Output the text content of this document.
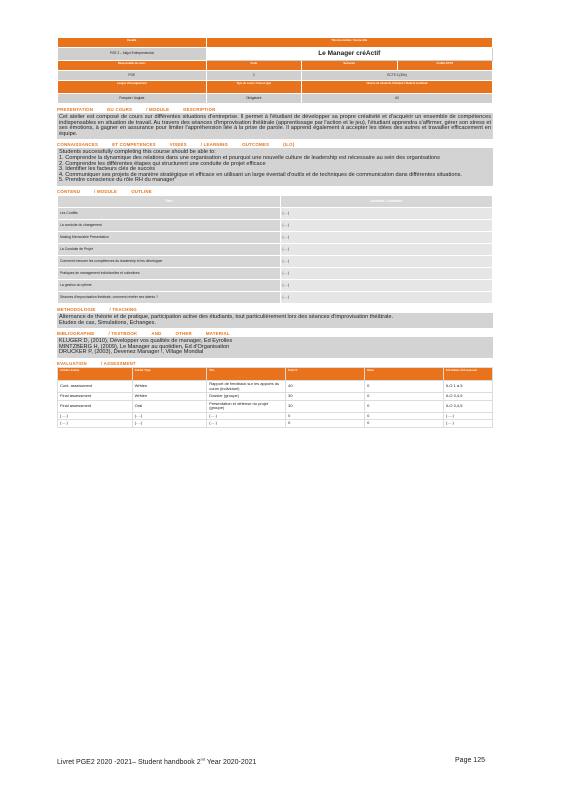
Faculté	Titre du module / Course title		
PGE 2 – Major Entrepreneuriat	Le Manager créActif		
Responsable du cours	Code	Semestre	Crédits ECTS
PGE	2	ECTS 3 (30h)	
Langue d'enseignement	Type de cours / Course type	Heures de travail de l'étudiant / Student workload	
Français / Anglais	Obligatoire	60	
PRESENTATION	DU COURS	/ MODULE	DESCRIPTION
Cet atelier est composé de cours sur différentes situations d'entreprise. Il permet à l'étudiant de développer sa propre créativité et d'acquérir un ensemble de compétences indispensables en situation de travail. Au travers des séances d'improvisation théâtrale (apprentissage par l'action et le jeu), l'étudiant apprendra s'affirmer, gérer son stress et ses émotions, à gagner en assurance pour limiter l'appréhension liée à la prise de parole. Il apprend également à accepter les idées des autres et travailler efficacement en équipe.
CONNAISSANCES	ET COMPETENCES	VISEES	/ LEARNING	OUTCOMES	(ILO)
Students successfully completing this course should be able to:
1. Comprendre la dynamique des relations dans une organisation et pourquoi une nouvelle culture de leadership est nécessaire au sein des organisations
2. Comprendre les différentes étapes qui structurent une conduite de projet efficace
3. Identifier les facteurs clés de succès
4. Communiquer ses projets de manière stratégique et efficace en utilisant un large éventail d'outils et de techniques de communication dans différentes situations.
5. Prendre conscience du rôle RH du manager"
CONTENU	/ MODULE	OUTLINE
Titre	Activités / Activities
Les Conflits	(….)
La conduite du changement	(….)
Making Memorable Presentation	(….)
La Conduite de Projet	(….)
Comment mesurer les compétences du leadership et les développer	(….)
Pratiques de management individuelles et collectives	(….)
La gestion du rythme	(….)
Séances d'improvisation théâtrale, comment révéler ses talents ?	(….)
METHODOLOGIE	/ TEACHING
Alternance de théorie et de pratique, participation active des étudiants, tout particulièrement lors des séances d'improvisation théâtrale.
Etudes de cas, Simulations, Echanges.
BIBLIOGRAPHIE	/ TEXTBOOK	AND	OTHER	MATERIAL
KLUGER D, (2010), Développer vos qualités de manager, Ed Eyrolles
MINTZBERG H, (2009), Le Manager au quotidien, Ed d'Organisation
DRUCKER P, (2003), Devenez Manager !, Village Mondial
EVALUATION	/ ASSESSMENT
Activité / Activity	Activité / Type	Titre	Poids %	Durée	ILO évalués / ILO assessed
Cont. assessment	Written	Rapport de feedback sur les apports du cours (individuel)	40	0	ILO 1 à 5
Final assessment	Written	Dossier (groupe)	30	0	ILO 3,4,5
Final assessment	Oral	Présentation et défense du projet (groupe)	30	0	ILO 3,4,5
(….)	(….)	(….)	0	0	(….)
(….)	(….)	(….)	0	0	(….)
Livret PGE2 2020 -2021– Student handbook 2nd Year 2020-2021	Page 125
